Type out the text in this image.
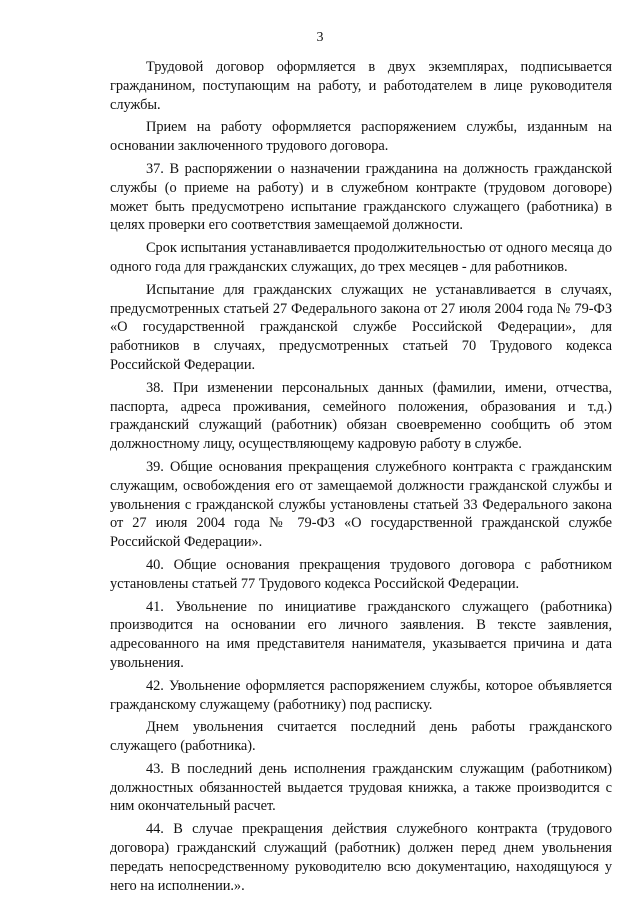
3

Трудовой договор оформляется в двух экземплярах, подписывается гражданином, поступающим на работу, и работодателем в лице руководителя службы.

Прием на работу оформляется распоряжением службы, изданным на основании заключенного трудового договора.

37. В распоряжении о назначении гражданина на должность гражданской службы (о приеме на работу) и в служебном контракте (трудовом договоре) может быть предусмотрено испытание гражданского служащего (работника) в целях проверки его соответствия замещаемой должности.

Срок испытания устанавливается продолжительностью от одного месяца до одного года для гражданских служащих, до трех месяцев - для работников.

Испытание для гражданских служащих не устанавливается в случаях, предусмотренных статьей 27 Федерального закона от 27 июля 2004 года № 79-ФЗ «О государственной гражданской службе Российской Федерации», для работников в случаях, предусмотренных статьей 70 Трудового кодекса Российской Федерации.

38. При изменении персональных данных (фамилии, имени, отчества, паспорта, адреса проживания, семейного положения, образования и т.д.) гражданский служащий (работник) обязан своевременно сообщить об этом должностному лицу, осуществляющему кадровую работу в службе.

39. Общие основания прекращения служебного контракта с гражданским служащим, освобождения его от замещаемой должности гражданской службы и увольнения с гражданской службы установлены статьей 33 Федерального закона от 27 июля 2004 года № 79-ФЗ «О государственной гражданской службе Российской Федерации».

40. Общие основания прекращения трудового договора с работником установлены статьей 77 Трудового кодекса Российской Федерации.

41. Увольнение по инициативе гражданского служащего (работника) производится на основании его личного заявления. В тексте заявления, адресованного на имя представителя нанимателя, указывается причина и дата увольнения.

42. Увольнение оформляется распоряжением службы, которое объявляется гражданскому служащему (работнику) под расписку.

Днем увольнения считается последний день работы гражданского служащего (работника).

43. В последний день исполнения гражданским служащим (работником) должностных обязанностей выдается трудовая книжка, а также производится с ним окончательный расчет.

44. В случае прекращения действия служебного контракта (трудового договора) гражданский служащий (работник) должен перед днем увольнения передать непосредственному руководителю всю документацию, находящуюся у него на исполнении.».
